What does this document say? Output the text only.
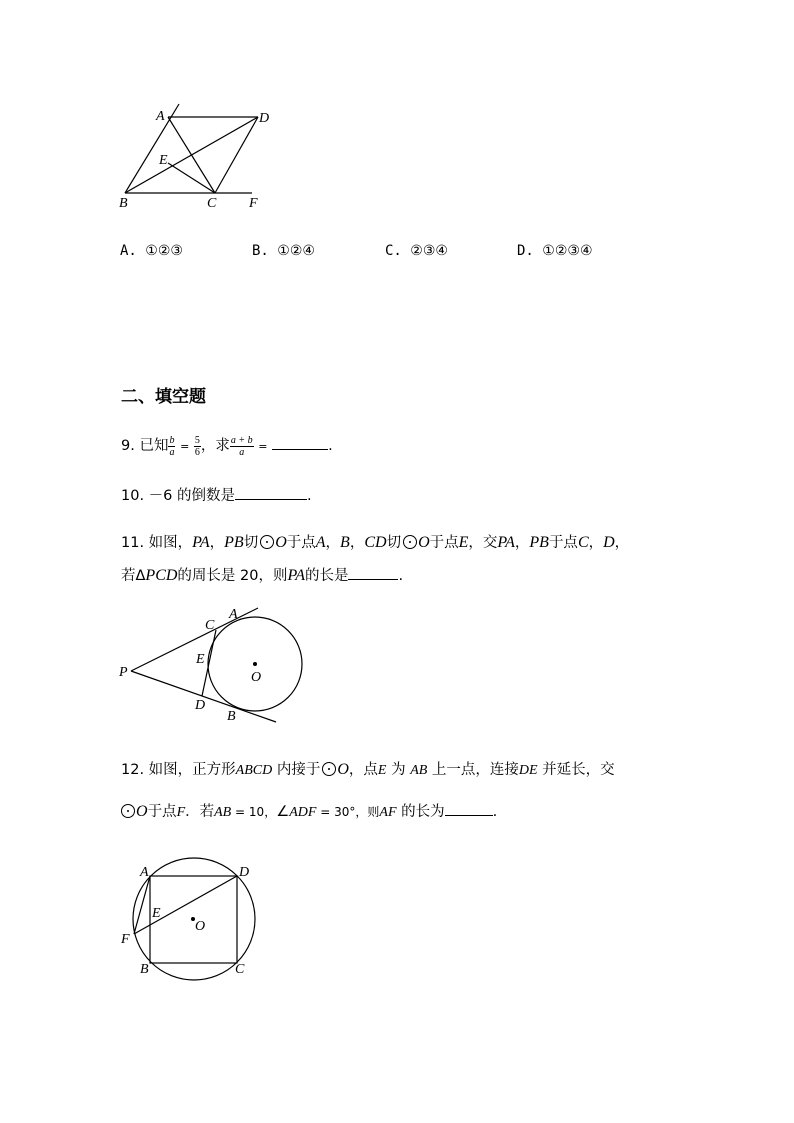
A	D
E
B	C F
A. ①②③	B. ①②④	C. ②③④	D. ①②③④
二、填空题
9. 已知 $\frac{b}{a} = \frac{5}{6}$ ，求 $\frac{a + b}{a}$ =	.
10. －6 的倒数是	.
11. 如图，PA，PB切 O于点A，B，CD切 O于点E，交PA，PB于点C，D，
若ΔPCD的周长是 20，则PA的长是	.
P
C
A
E
O
D
B
12. 如图，正方形ABCD 内接于 O，点E 为 AB 上一点，连接DE 并延长，交
O于点F．若AB = 10，∠ADF = 30°，则AF 的长为	.
A	D
E
O
F
B	C
